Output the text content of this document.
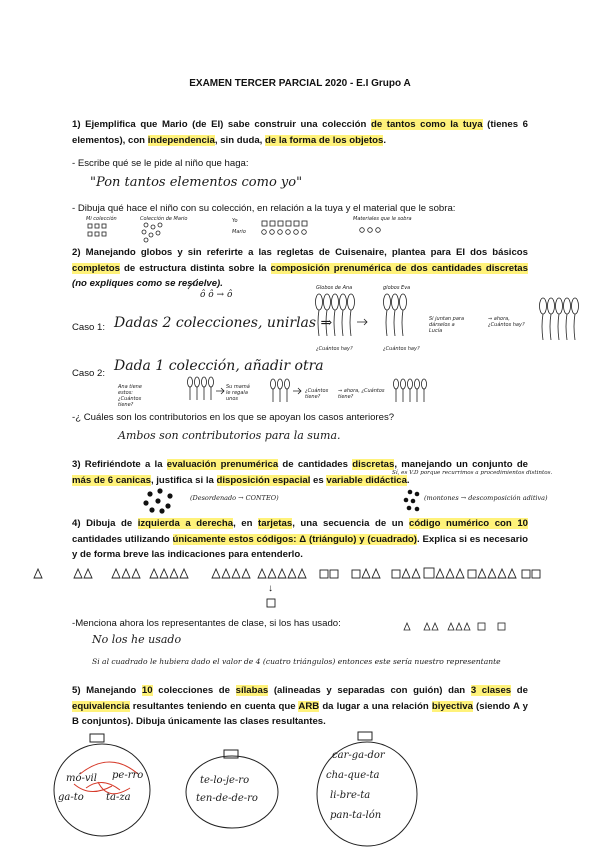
EXAMEN TERCER PARCIAL 2020 - E.I Grupo A
1) Ejemplifica que Mario (de EI) sabe construir una colección de tantos como la tuya (tienes 6 elementos), con independencia, sin duda, de la forma de los objetos.
- Escribe qué se le pide al niño que haga:
"Pon tantos elementos como yo"
- Dibuja qué hace el niño con su colección, en relación a la tuya y el material que le sobra:
Mi colección	Colección de Mario	Yo
Mario
Materiales que le sobra
2) Manejando globos y sin referirte a las regletas de Cuisenaire, plantea para EI dos básicos completos de estructura distinta sobre la composición prenumérica de dos cantidades discretas (no expliques como se resuelve).
ô ô → ô
Caso 1: Dadas 2 colecciones, unirlas ⇒
Globos de Ana	globos Eva
¿Cuántos hay?	¿Cuántos hay?
Si juntan para dárselos a Lucía
⇒ ahora, ¿Cuántos hay?
Caso 2: Dada 1 colección, añadir otra
Ana tiene estos: ¿Cuántos tiene?
Su mamá le regala unos
¿Cuántos tiene?
⇒ ahora, ¿Cuántos tiene?
-¿ Cuáles son los contributorios en los que se apoyan los casos anteriores?
Ambos son contributorios para la suma.
3) Refiriéndote a la evaluación prenumérica de cantidades discretas, manejando un conjunto de más de 6 canicas, justifica si la disposición espacial es variable didáctica.
Sí, es V.D porque recurrimos a procedimientos distintos.
(Desordenado → CONTEO)	(montones → descomposición aditiva)
4) Dibuja de izquierda a derecha, en tarjetas, una secuencia de un código numérico con 10 cantidades utilizando únicamente estos códigos: Δ (triángulo) y (cuadrado). Explica si es necesario y de forma breve las indicaciones para entenderlo.
↓
-Menciona ahora los representantes de clase, si los has usado:
No los he usado
Si al cuadrado le hubiera dado el valor de 4 (cuatro triángulos) entonces este sería nuestro representante
5) Manejando 10 colecciones de sílabas (alineadas y separadas con guión) dan 3 clases de equivalencia resultantes teniendo en cuenta que ARB da lugar a una relación biyectiva (siendo A y B conjuntos). Dibuja únicamente las clases resultantes.
mó-vil pe-rro
ga-to ta-za
te-lo-je-ro
ten-de-de-ro
car-ga-dor
cha-que-ta
li-bre-ta
pan-ta-lón
